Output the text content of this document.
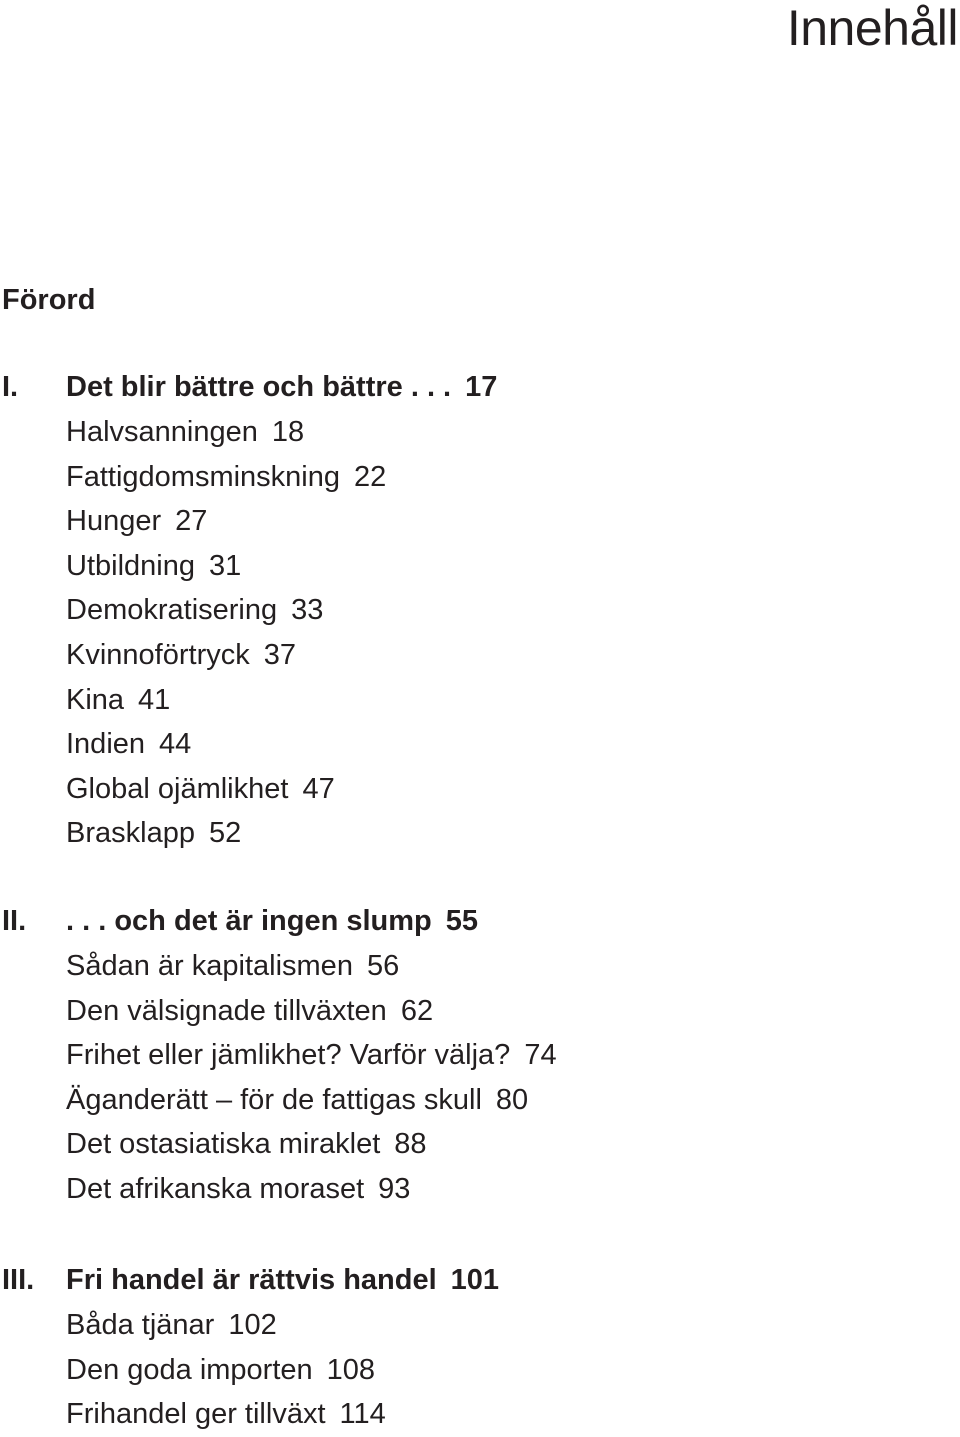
Innehåll
Förord
I.	Det blir bättre och bättre . . . 17
Halvsanningen 18
Fattigdomsminskning 22
Hunger 27
Utbildning 31
Demokratisering 33
Kvinnoförtryck 37
Kina 41
Indien 44
Global ojämlikhet 47
Brasklapp 52
II.	. . . och det är ingen slump 55
Sådan är kapitalismen 56
Den välsignade tillväxten 62
Frihet eller jämlikhet? Varför välja? 74
Äganderätt – för de fattigas skull 80
Det ostasiatiska miraklet 88
Det afrikanska moraset 93
III.	Fri handel är rättvis handel 101
Båda tjänar 102
Den goda importen 108
Frihandel ger tillväxt 114
